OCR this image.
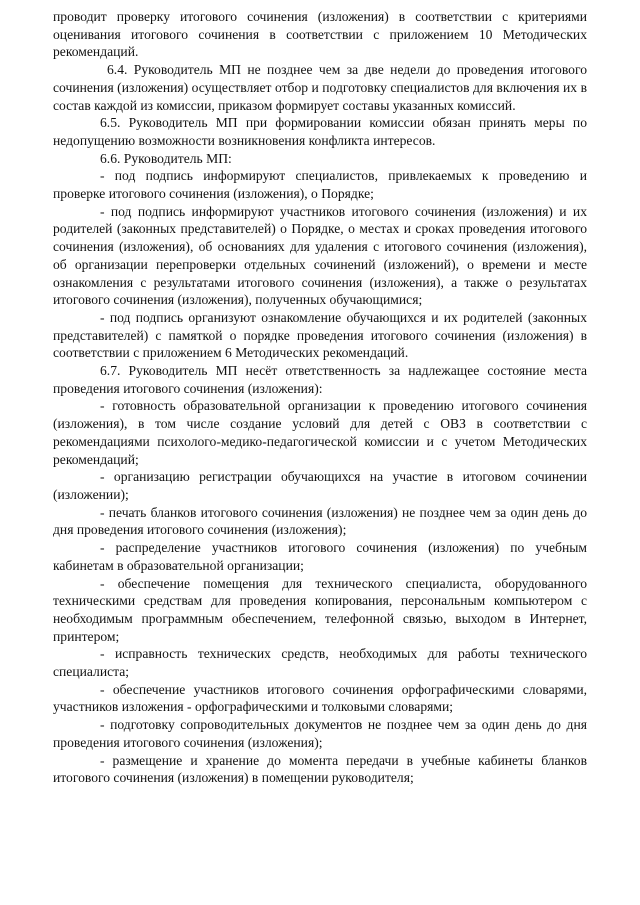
проводит проверку итогового сочинения (изложения) в соответствии с критериями оценивания итогового сочинения в соответствии с приложением 10 Методических рекомендаций.

6.4. Руководитель МП не позднее чем за две недели до проведения итогового сочинения (изложения) осуществляет отбор и подготовку специалистов для включения их в состав каждой из комиссии, приказом формирует составы указанных комиссий.

6.5. Руководитель МП при формировании комиссии обязан принять меры по недопущению возможности возникновения конфликта интересов.

6.6. Руководитель МП:

- под подпись информируют специалистов, привлекаемых к проведению и проверке итогового сочинения (изложения), о Порядке;

- под подпись информируют участников итогового сочинения (изложения) и их родителей (законных представителей) о Порядке, о местах и сроках проведения итогового сочинения (изложения), об основаниях для удаления с итогового сочинения (изложения), об организации перепроверки отдельных сочинений (изложений), о времени и месте ознакомления с результатами итогового сочинения (изложения), а также о результатах итогового сочинения (изложения), полученных обучающимися;

- под подпись организуют ознакомление обучающихся и их родителей (законных представителей) с памяткой о порядке проведения итогового сочинения (изложения) в соответствии с приложением 6 Методических рекомендаций.

6.7. Руководитель МП несёт ответственность за надлежащее состояние места проведения итогового сочинения (изложения):

- готовность образовательной организации к проведению итогового сочинения (изложения), в том числе создание условий для детей с ОВЗ в соответствии с рекомендациями психолого-медико-педагогической комиссии и с учетом Методических рекомендаций;

- организацию регистрации обучающихся на участие в итоговом сочинении (изложении);

- печать бланков итогового сочинения (изложения) не позднее чем за один день до дня проведения итогового сочинения (изложения);

- распределение участников итогового сочинения (изложения) по учебным кабинетам в образовательной организации;

- обеспечение помещения для технического специалиста, оборудованного техническими средствам для проведения копирования, персональным компьютером с необходимым программным обеспечением, телефонной связью, выходом в Интернет, принтером;

- исправность технических средств, необходимых для работы технического специалиста;

- обеспечение участников итогового сочинения орфографическими словарями, участников изложения - орфографическими и толковыми словарями;

- подготовку сопроводительных документов не позднее чем за один день до дня проведения итогового сочинения (изложения);

- размещение и хранение до момента передачи в учебные кабинеты бланков итогового сочинения (изложения) в помещении руководителя;
